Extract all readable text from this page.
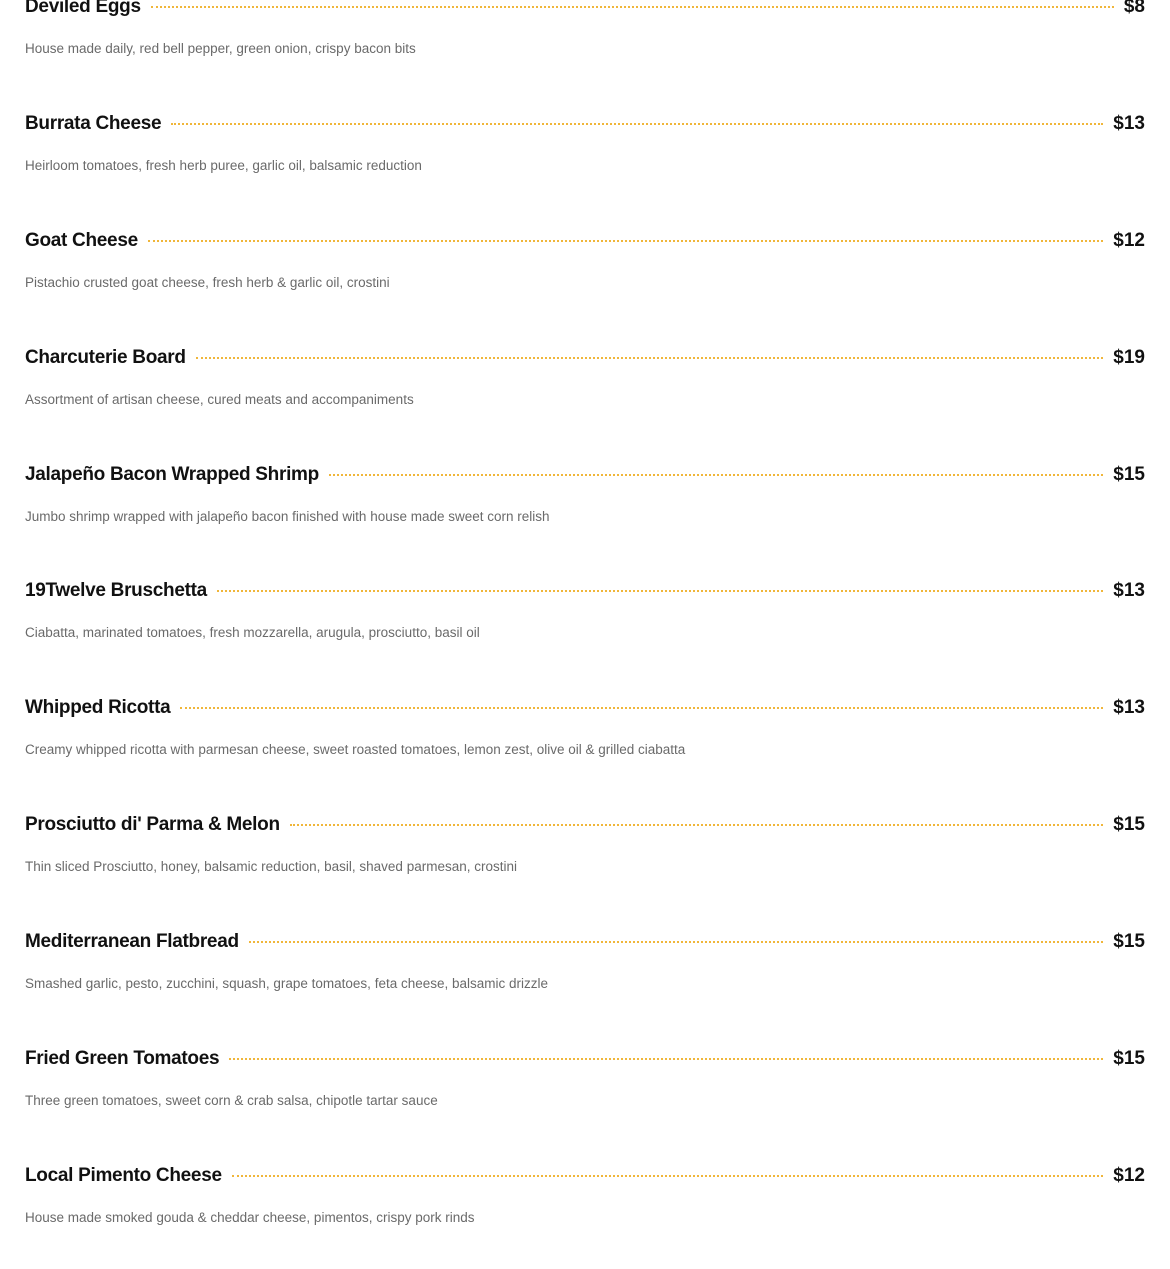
Deviled Eggs	$8
House made daily, red bell pepper, green onion, crispy bacon bits
Burrata Cheese	$13
Heirloom tomatoes, fresh herb puree, garlic oil, balsamic reduction
Goat Cheese	$12
Pistachio crusted goat cheese, fresh herb & garlic oil, crostini
Charcuterie Board	$19
Assortment of artisan cheese, cured meats and accompaniments
Jalapeño Bacon Wrapped Shrimp	$15
Jumbo shrimp wrapped with jalapeño bacon finished with house made sweet corn relish
19Twelve Bruschetta	$13
Ciabatta, marinated tomatoes, fresh mozzarella, arugula, prosciutto, basil oil
Whipped Ricotta	$13
Creamy whipped ricotta with parmesan cheese, sweet roasted tomatoes, lemon zest, olive oil & grilled ciabatta
Prosciutto di' Parma & Melon	$15
Thin sliced Prosciutto, honey, balsamic reduction, basil, shaved parmesan, crostini
Mediterranean Flatbread	$15
Smashed garlic, pesto, zucchini, squash, grape tomatoes, feta cheese, balsamic drizzle
Fried Green Tomatoes	$15
Three green tomatoes, sweet corn & crab salsa, chipotle tartar sauce
Local Pimento Cheese	$12
House made smoked gouda & cheddar cheese, pimentos, crispy pork rinds
